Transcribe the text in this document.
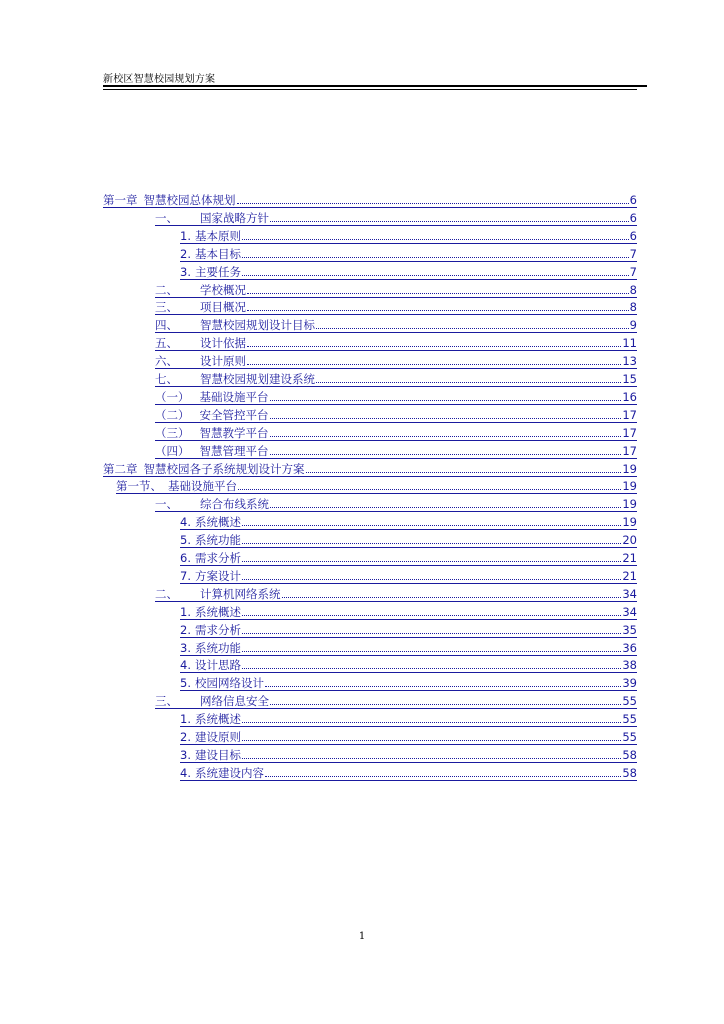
新校区智慧校园规划方案
第一章 智慧校园总体规划	6
一、 国家战略方针	6
1. 基本原则	6
2. 基本目标	7
3. 主要任务	7
二、 学校概况	8
三、 项目概况	8
四、 智慧校园规划设计目标	9
五、 设计依据	11
六、 设计原则	13
七、 智慧校园规划建设系统	15
（一） 基础设施平台	16
（二） 安全管控平台	17
（三） 智慧教学平台	17
（四） 智慧管理平台	17
第二章 智慧校园各子系统规划设计方案	19
第一节、 基础设施平台	19
一、 综合布线系统	19
4. 系统概述	19
5. 系统功能	20
6. 需求分析	21
7. 方案设计	21
二、 计算机网络系统	34
1. 系统概述	34
2. 需求分析	35
3. 系统功能	36
4. 设计思路	38
5. 校园网络设计	39
三、 网络信息安全	55
1. 系统概述	55
2. 建设原则	55
3. 建设目标	58
4. 系统建设内容	58
1
